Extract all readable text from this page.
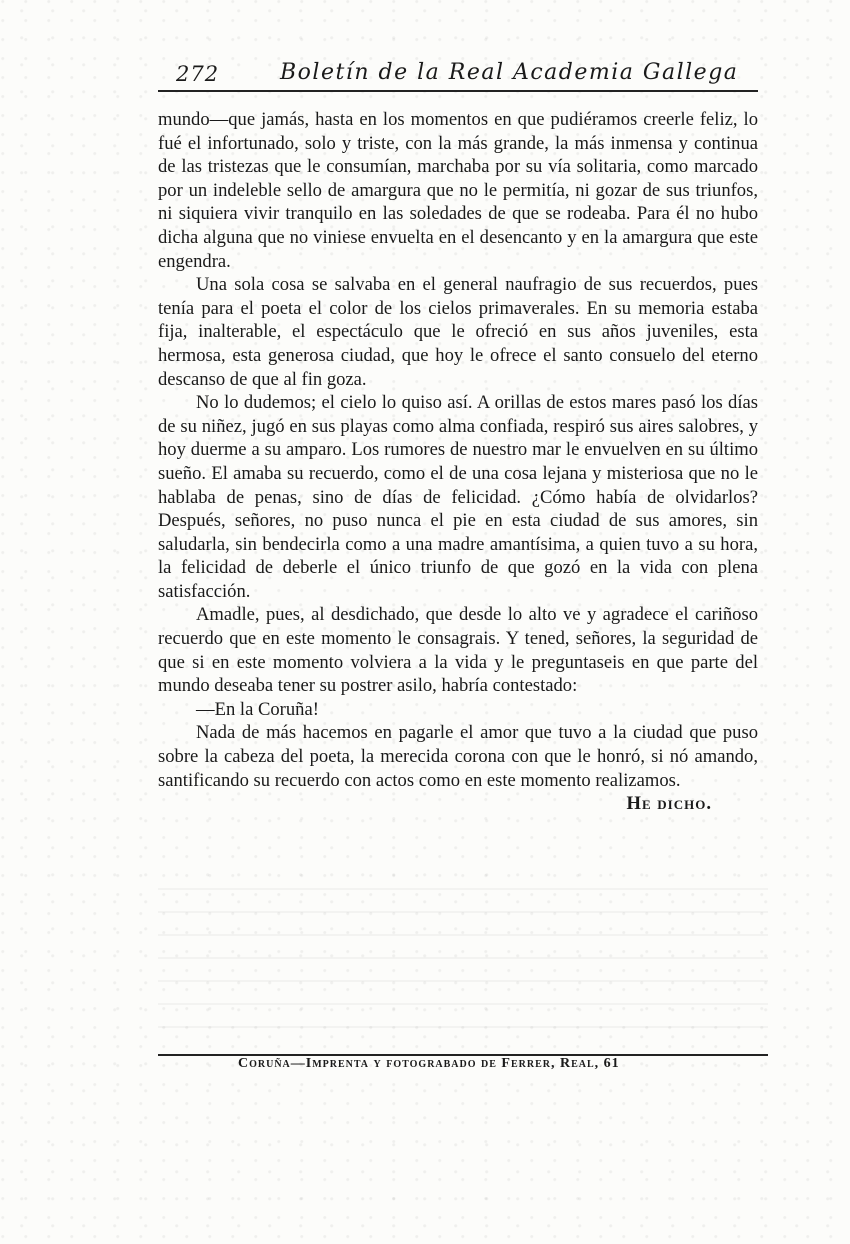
272	Boletín de la Real Academia Gallega

mundo—que jamás, hasta en los momentos en que pudiéramos creerle feliz, lo fué el infortunado, solo y triste, con la más grande, la más inmensa y continua de las tristezas que le consumían, marchaba por su vía solitaria, como marcado por un indeleble sello de amargura que no le permitía, ni gozar de sus triunfos, ni siquiera vivir tranquilo en las soledades de que se rodeaba. Para él no hubo dicha alguna que no viniese envuelta en el desencanto y en la amargura que este engendra.

Una sola cosa se salvaba en el general naufragio de sus recuerdos, pues tenía para el poeta el color de los cielos primaverales. En su memoria estaba fija, inalterable, el espectáculo que le ofreció en sus años juveniles, esta hermosa, esta generosa ciudad, que hoy le ofrece el santo consuelo del eterno descanso de que al fin goza.

No lo dudemos; el cielo lo quiso así. A orillas de estos mares pasó los días de su niñez, jugó en sus playas como alma confiada, respiró sus aires salobres, y hoy duerme a su amparo. Los rumores de nuestro mar le envuelven en su último sueño. El amaba su recuerdo, como el de una cosa lejana y misteriosa que no le hablaba de penas, sino de días de felicidad. ¿Cómo había de olvidarlos? Después, señores, no puso nunca el pie en esta ciudad de sus amores, sin saludarla, sin bendecirla como a una madre amantísima, a quien tuvo a su hora, la felicidad de deberle el único triunfo de que gozó en la vida con plena satisfacción.

Amadle, pues, al desdichado, que desde lo alto ve y agradece el cariñoso recuerdo que en este momento le consagrais. Y tened, señores, la seguridad de que si en este momento volviera a la vida y le preguntaseis en que parte del mundo deseaba tener su postrer asilo, habría contestado:

—En la Coruña!

Nada de más hacemos en pagarle el amor que tuvo a la ciudad que puso sobre la cabeza del poeta, la merecida corona con que le honró, si nó amando, santificando su recuerdo con actos como en este momento realizamos.

He dicho.

Coruña—Imprenta y fotograbado de Ferrer, Real, 61
